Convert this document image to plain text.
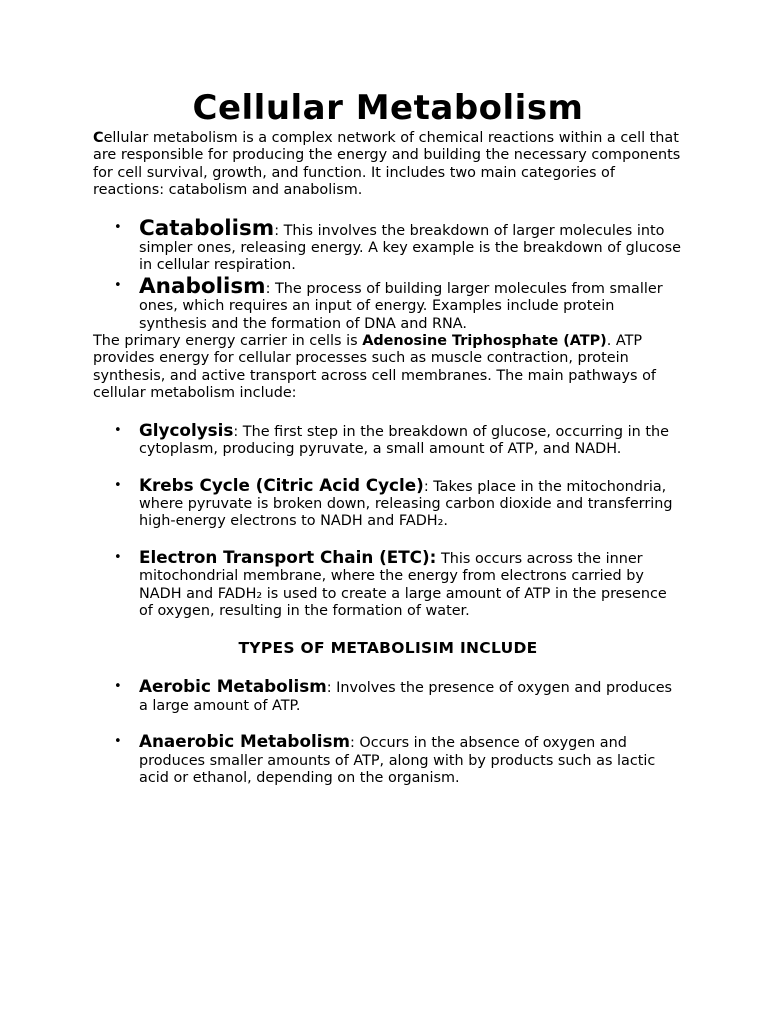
Cellular Metabolism

Cellular metabolism is a complex network of chemical reactions within a cell that are responsible for producing the energy and building the necessary components for cell survival, growth, and function. It includes two main categories of reactions: catabolism and anabolism.

• Catabolism: This involves the breakdown of larger molecules into simpler ones, releasing energy. A key example is the breakdown of glucose in cellular respiration.
• Anabolism: The process of building larger molecules from smaller ones, which requires an input of energy. Examples include protein synthesis and the formation of DNA and RNA.

The primary energy carrier in cells is Adenosine Triphosphate (ATP). ATP provides energy for cellular processes such as muscle contraction, protein synthesis, and active transport across cell membranes. The main pathways of cellular metabolism include:

• Glycolysis: The first step in the breakdown of glucose, occurring in the cytoplasm, producing pyruvate, a small amount of ATP, and NADH.
• Krebs Cycle (Citric Acid Cycle): Takes place in the mitochondria, where pyruvate is broken down, releasing carbon dioxide and transferring high-energy electrons to NADH and FADH₂.
• Electron Transport Chain (ETC): This occurs across the inner mitochondrial membrane, where the energy from electrons carried by NADH and FADH₂ is used to create a large amount of ATP in the presence of oxygen, resulting in the formation of water.
TYPES OF METABOLISIM INCLUDE
• Aerobic Metabolism: Involves the presence of oxygen and produces a large amount of ATP.
• Anaerobic Metabolism: Occurs in the absence of oxygen and produces smaller amounts of ATP, along with by products such as lactic acid or ethanol, depending on the organism.
